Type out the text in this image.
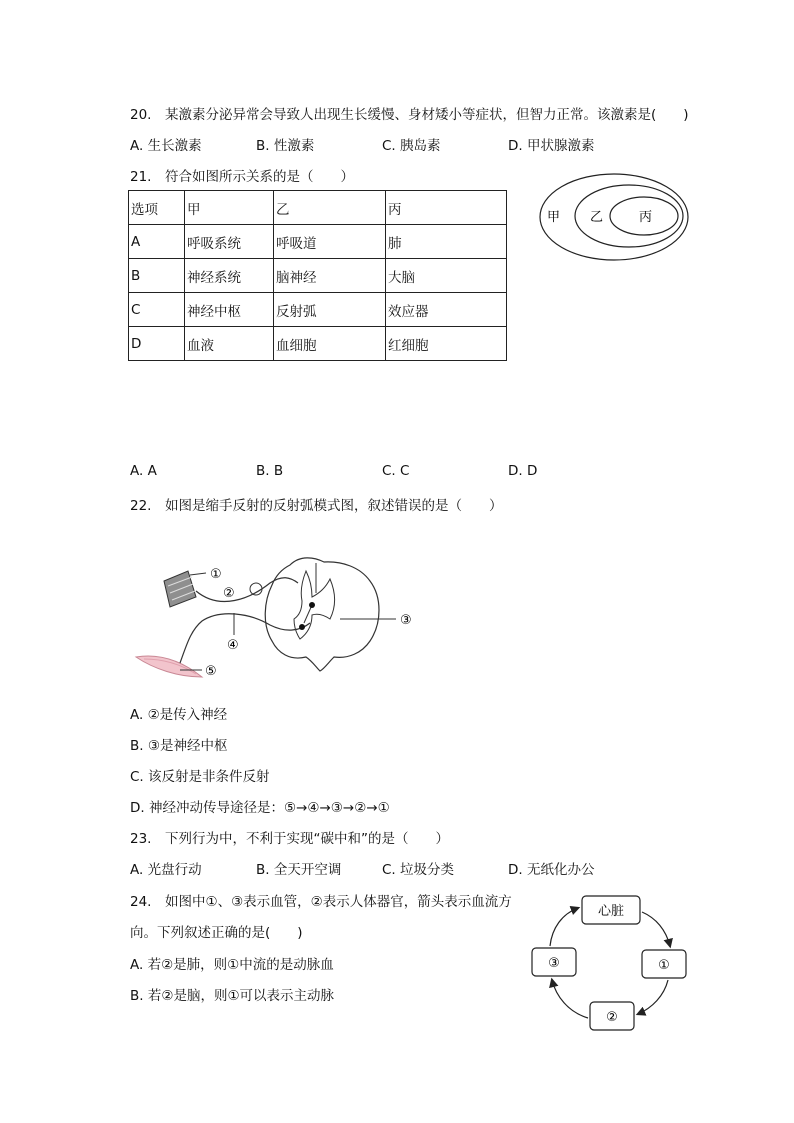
20.　某激素分泌异常会导致人出现生长缓慢、身材矮小等症状，但智力正常。该激素是(　　)
A. 生长激素	B. 性激素	C. 胰岛素	D. 甲状腺激素
21.　符合如图所示关系的是（　　）
选项	甲	乙	丙
A	呼吸系统	呼吸道	肺
B	神经系统	脑神经	大脑
C	神经中枢	反射弧	效应器
D	血液	血细胞	红细胞
甲 乙	丙
A. A	B. B	C. C	D. D
22.　如图是缩手反射的反射弧模式图，叙述错误的是（　　）
①
②
③
④
⑤
A. ②是传入神经
B. ③是神经中枢
C. 该反射是非条件反射
D. 神经冲动传导途径是：⑤→④→③→②→①
23.　下列行为中，不利于实现“碳中和”的是（　　）
A. 光盘行动	B. 全天开空调	C. 垃圾分类	D. 无纸化办公
24.　如图中①、③表示血管，②表示人体器官，箭头表示血流方
向。下列叙述正确的是(　　)
A. 若②是肺，则①中流的是动脉血
B. 若②是脑，则①可以表示主动脉
心脏
①
②
③
